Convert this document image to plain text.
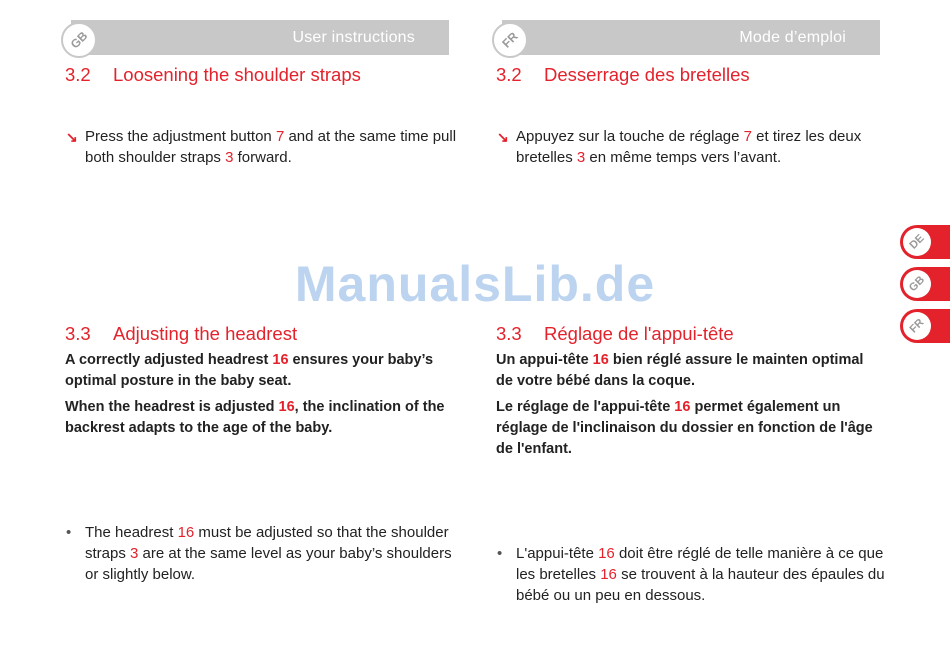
GB	User instructions
3.2 Loosening the shoulder straps
↘ Press the adjustment button 7 and at the same time pull both shoulder straps 3 forward.
3.3 Adjusting the headrest
A correctly adjusted headrest 16 ensures your baby’s optimal posture in the baby seat.
When the headrest is adjusted 16, the inclination of the backrest adapts to the age of the baby.
• The headrest 16 must be adjusted so that the shoulder straps 3 are at the same level as your baby’s shoulders or slightly below.
FR	Mode d’emploi
3.2 Desserrage des bretelles
↘ Appuyez sur la touche de réglage 7 et tirez les deux bretelles 3 en même temps vers l’avant.
3.3 Réglage de l'appui-tête
Un appui-tête 16 bien réglé assure le mainten optimal de votre bébé dans la coque.
Le réglage de l'appui-tête 16 permet également un réglage de l'inclinaison du dossier en fonction de l'âge de l'enfant.
• L'appui-tête 16 doit être réglé de telle manière à ce que les bretelles 16 se trouvent à la hauteur des épaules du bébé ou un peu en dessous.
ManualsLib.de
DE
GB
FR
